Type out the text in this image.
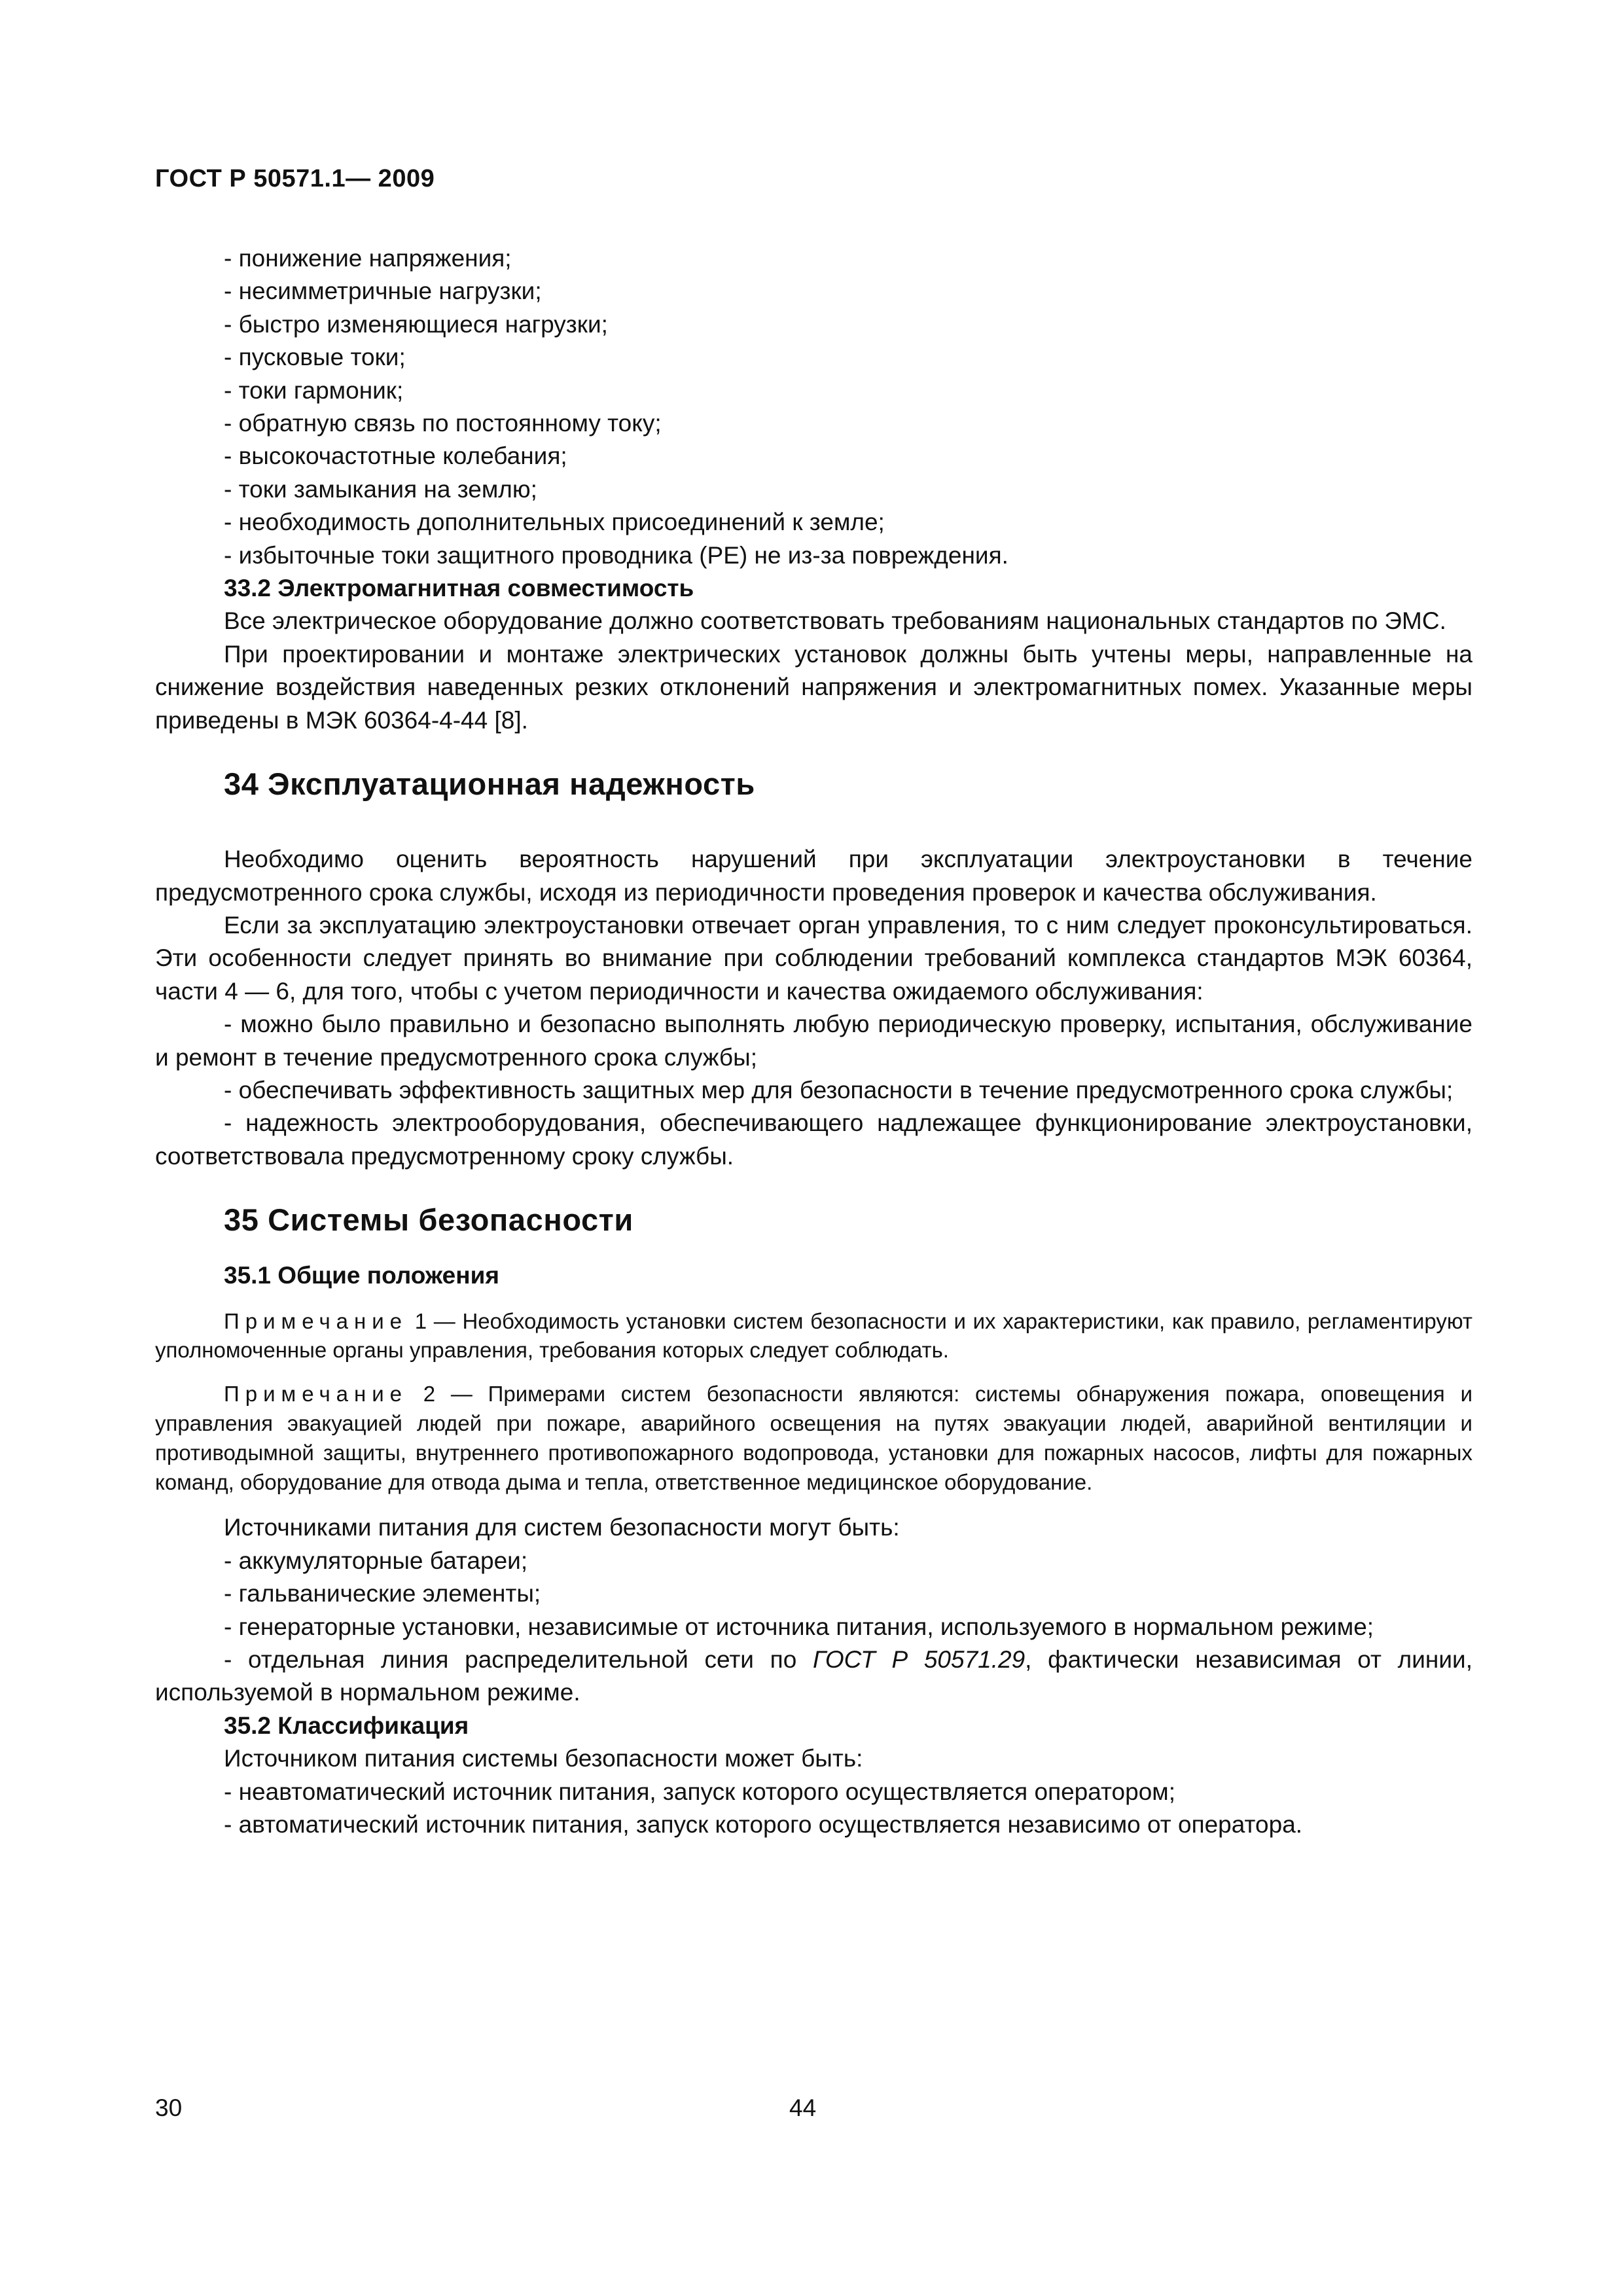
ГОСТ Р 50571.1— 2009

- понижение напряжения;

- несимметричные нагрузки;

- быстро изменяющиеся нагрузки;

- пусковые токи;

- токи гармоник;

- обратную связь по постоянному току;

- высокочастотные колебания;

- токи замыкания на землю;

- необходимость дополнительных присоединений к земле;

- избыточные токи защитного проводника (РЕ) не из-за повреждения.

33.2 Электромагнитная совместимость

Все электрическое оборудование должно соответствовать требованиям национальных стандартов по ЭМС.

При проектировании и монтаже электрических установок должны быть учтены меры, направленные на снижение воздействия наведенных резких отклонений напряжения и электромагнитных помех. Указанные меры приведены в МЭК 60364-4-44 [8].

34 Эксплуатационная надежность

Необходимо оценить вероятность нарушений при эксплуатации электроустановки в течение предусмотренного срока службы, исходя из периодичности проведения проверок и качества обслуживания.

Если за эксплуатацию электроустановки отвечает орган управления, то с ним следует проконсультироваться. Эти особенности следует принять во внимание при соблюдении требований комплекса стандартов МЭК 60364, части 4 — 6, для того, чтобы с учетом периодичности и качества ожидаемого обслуживания:

- можно было правильно и безопасно выполнять любую периодическую проверку, испытания, обслуживание и ремонт в течение предусмотренного срока службы;

- обеспечивать эффективность защитных мер для безопасности в течение предусмотренного срока службы;

- надежность электрооборудования, обеспечивающего надлежащее функционирование электроустановки, соответствовала предусмотренному сроку службы.

35 Системы безопасности

35.1 Общие положения

Примечание 1 — Необходимость установки систем безопасности и их характеристики, как правило, регламентируют уполномоченные органы управления, требования которых следует соблюдать.

Примечание 2 — Примерами систем безопасности являются: системы обнаружения пожара, оповещения и управления эвакуацией людей при пожаре, аварийного освещения на путях эвакуации людей, аварийной вентиляции и противодымной защиты, внутреннего противопожарного водопровода, установки для пожарных насосов, лифты для пожарных команд, оборудование для отвода дыма и тепла, ответственное медицинское оборудование.

Источниками питания для систем безопасности могут быть:

- аккумуляторные батареи;

- гальванические элементы;

- генераторные установки, независимые от источника питания, используемого в нормальном режиме;

- отдельная линия распределительной сети по ГОСТ Р 50571.29, фактически независимая от линии, используемой в нормальном режиме.

35.2 Классификация

Источником питания системы безопасности может быть:

- неавтоматический источник питания, запуск которого осуществляется оператором;

- автоматический источник питания, запуск которого осуществляется независимо от оператора.

30	44
